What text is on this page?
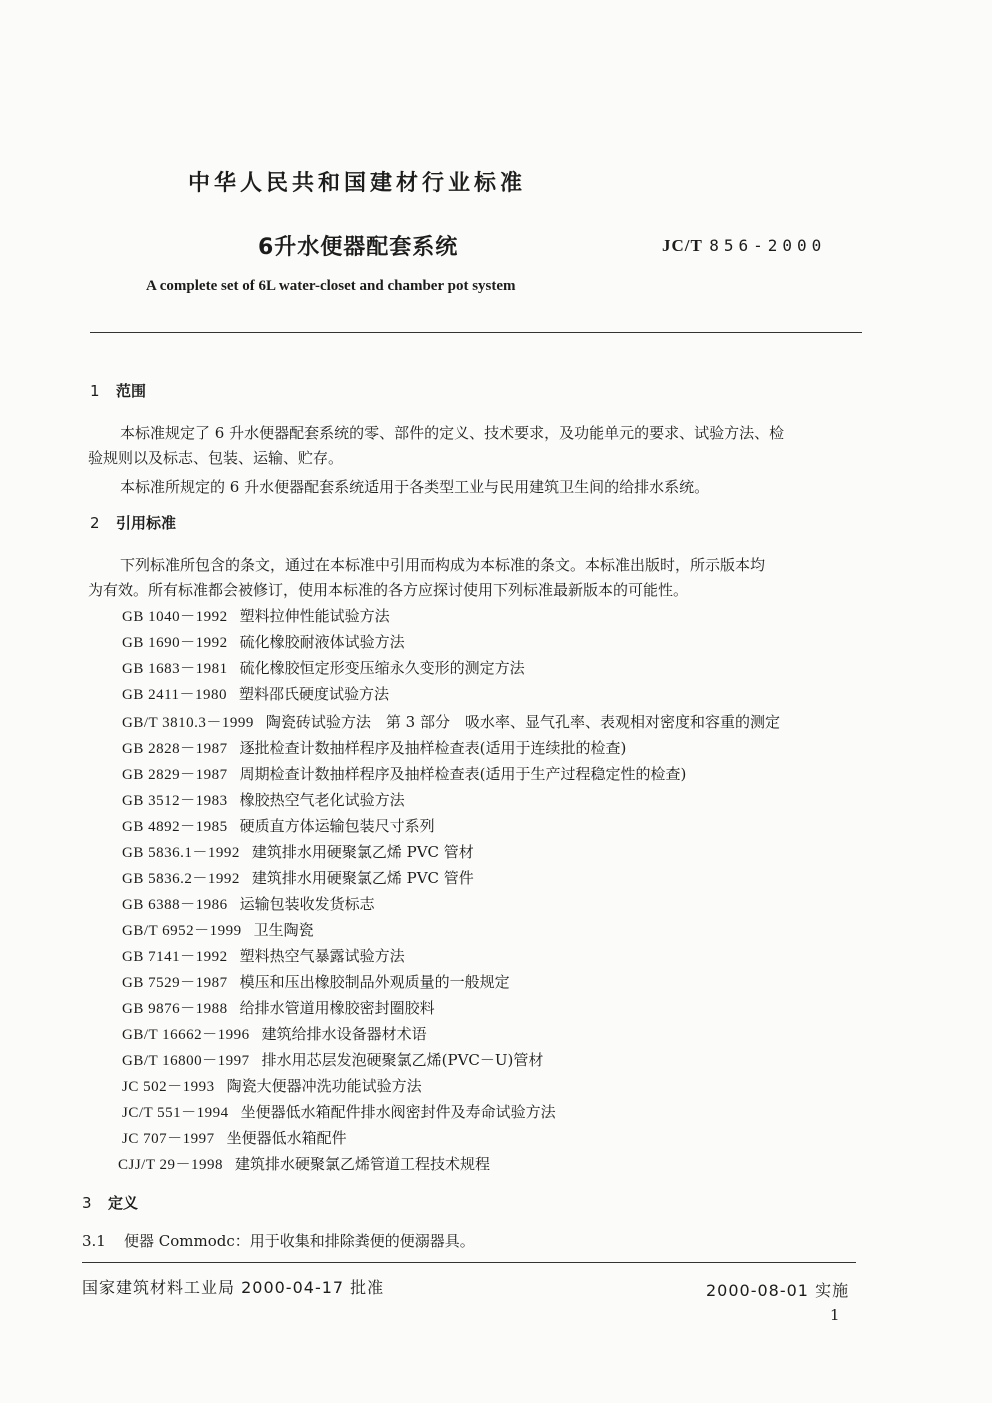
中华人民共和国建材行业标准
6升水便器配套系统	JC/T 856-2000
A complete set of 6L water-closet and chamber pot system
1 范围
本标准规定了 6 升水便器配套系统的零、部件的定义、技术要求，及功能单元的要求、试验方法、检
验规则以及标志、包装、运输、贮存。
本标准所规定的 6 升水便器配套系统适用于各类型工业与民用建筑卫生间的给排水系统。
2 引用标准
下列标准所包含的条文，通过在本标准中引用而构成为本标准的条文。本标准出版时，所示版本均
为有效。所有标准都会被修订，使用本标准的各方应探讨使用下列标准最新版本的可能性。
GB 1040－1992 塑料拉伸性能试验方法
GB 1690－1992 硫化橡胶耐液体试验方法
GB 1683－1981 硫化橡胶恒定形变压缩永久变形的测定方法
GB 2411－1980 塑料邵氏硬度试验方法
GB/T 3810.3－1999 陶瓷砖试验方法　第 3 部分　吸水率、显气孔率、表观相对密度和容重的测定
GB 2828－1987 逐批检查计数抽样程序及抽样检查表(适用于连续批的检查)
GB 2829－1987 周期检查计数抽样程序及抽样检查表(适用于生产过程稳定性的检查)
GB 3512－1983 橡胶热空气老化试验方法
GB 4892－1985 硬质直方体运输包装尺寸系列
GB 5836.1－1992 建筑排水用硬聚氯乙烯 PVC 管材
GB 5836.2－1992 建筑排水用硬聚氯乙烯 PVC 管件
GB 6388－1986 运输包装收发货标志
GB/T 6952－1999 卫生陶瓷
GB 7141－1992 塑料热空气暴露试验方法
GB 7529－1987 模压和压出橡胶制品外观质量的一般规定
GB 9876－1988 给排水管道用橡胶密封圈胶料
GB/T 16662－1996 建筑给排水设备器材术语
GB/T 16800－1997 排水用芯层发泡硬聚氯乙烯(PVC－U)管材
JC 502－1993 陶瓷大便器冲洗功能试验方法
JC/T 551－1994 坐便器低水箱配件排水阀密封件及寿命试验方法
JC 707－1997 坐便器低水箱配件
CJJ/T 29－1998 建筑排水硬聚氯乙烯管道工程技术规程
3 定义
3.1 便器 Commodc：用于收集和排除粪便的便溺器具。
国家建筑材料工业局 2000-04-17 批准	2000-08-01 实施
1
